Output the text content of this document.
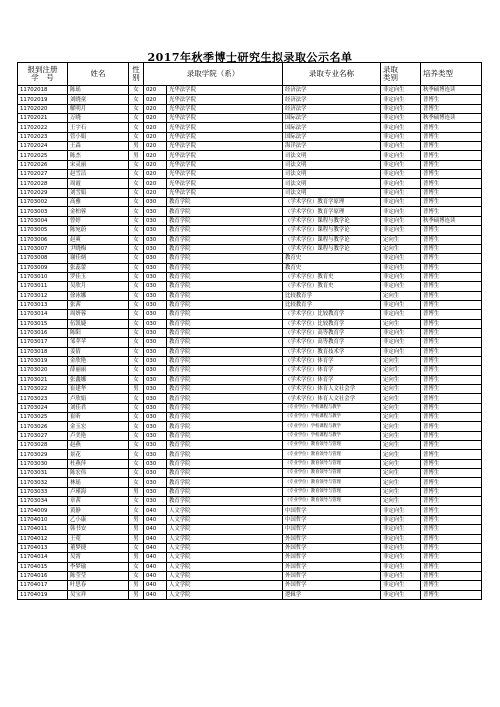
2017年秋季博士研究生拟录取公示名单
报到注册
学　号	姓名	性
别	录取学院（系）		录取专业名称	录取
类别	培养类型
11702018	陈瑶	女	020	光华法学院	经济法学	非定向生	秋季硕博连读
11702019	刘晓童	女	020	光华法学院	经济法学	非定向生	普博生
11702020	解明月	女	020	光华法学院	经济法学	非定向生	普博生
11702021	万晓	女	020	光华法学院	国际法学	非定向生	秋季硕博连读
11702022	王宇石	女	020	光华法学院	国际法学	非定向生	普博生
11702023	管小娟	女	020	光华法学院	国际法学	非定向生	普博生
11702024	王森	男	020	光华法学院	海洋法学	非定向生	普博生
11702025	陈杰	男	020	光华法学院	司法文明	非定向生	普博生
11702026	宋灵丽	女	020	光华法学院	司法文明	非定向生	普博生
11702027	赵雪洁	女	020	光华法学院	司法文明	非定向生	普博生
11702028	周霞	女	020	光华法学院	司法文明	非定向生	普博生
11702029	刘雪娟	女	020	光华法学院	司法文明	非定向生	普博生
11703002	高雅	女	030	教育学院	（学术学位）教育学原理	非定向生	普博生
11703003	金柏蓉	女	030	教育学院	（学术学位）教育学原理	非定向生	普博生
11703004	曾婷	女	030	教育学院	（学术学位）课程与教学论	非定向生	秋季硕博连读
11703005	陈宛蔚	女	030	教育学院	（学术学位）课程与教学论	非定向生	普博生
11703006	赵爽	女	030	教育学院	（学术学位）课程与教学论	定向生	普博生
11703007	尹晓梅	女	030	教育学院	（学术学位）课程与教学论	定向生	普博生
11703008	谢佳炳	女	030	教育学院	教育史	非定向生	普博生
11703009	张蕊蕾	女	030	教育学院	教育史	非定向生	普博生
11703010	罗佳玉	女	030	教育学院	（学术学位）教育史	非定向生	普博生
11703011	吴欣月	女	030	教育学院	（学术学位）教育史	非定向生	普博生
11703012	徐冰娜	女	030	教育学院	比较教育学	定向生	普博生
11703013	张茜	女	030	教育学院	比较教育学	非定向生	普博生
11703014	周妍蓉	女	030	教育学院	（学术学位）比较教育学	非定向生	普博生
11703015	伍凯婕	女	030	教育学院	（学术学位）比较教育学	定向生	普博生
11703016	陈阳	女	030	教育学院	（学术学位）高等教育学	非定向生	普博生
11703017	邹苹苹	女	030	教育学院	（学术学位）高等教育学	非定向生	普博生
11703018	姜倩	女	030	教育学院	（学术学位）教育技术学	非定向生	普博生
11703019	金欣艳	女	030	教育学院	（学术学位）体育学	定向生	普博生
11703020	薛丽丽	女	030	教育学院	（学术学位）体育学	定向生	普博生
11703021	张鑫娜	女	030	教育学院	（学术学位）体育学	定向生	普博生
11703022	崔建华	男	030	教育学院	（学术学位）体育人文社会学	定向生	普博生
11703023	卢欣娟	女	030	教育学院	（学术学位）体育人文社会学	定向生	普博生
11703024	刘佳君	女	030	教育学院	（专业学位）学校课程与教学	定向生	普博生
11703025	崔昕	女	030	教育学院	（专业学位）学校课程与教学	定向生	普博生
11703026	金玉宏	女	030	教育学院	（专业学位）学校课程与教学	定向生	普博生
11703027	卢美艳	女	030	教育学院	（专业学位）学校课程与教学	定向生	普博生
11703028	赵燕	女	030	教育学院	（专业学位）教育领导与管理	定向生	普博生
11703029	景花	女	030	教育学院	（专业学位）教育领导与管理	定向生	普博生
11703030	杜燕萍	女	030	教育学院	（专业学位）教育领导与管理	定向生	普博生
11703031	陈宏伟	女	030	教育学院	（专业学位）教育领导与管理	定向生	普博生
11703032	林瑶	女	030	教育学院	（专业学位）教育领导与管理	定向生	普博生
11703033	卢瑾海	男	030	教育学院	（专业学位）教育领导与管理	定向生	普博生
11703034	章茜	女	030	教育学院	（专业学位）教育领导与管理	定向生	普博生
11704009	黄静	女	040	人文学院	中国哲学	非定向生	普博生
11704010	乙小康	男	040	人文学院	中国哲学	非定向生	普博生
11704011	韩书安	男	040	人文学院	中国哲学	非定向生	普博生
11704012	王菀	男	040	人文学院	外国哲学	非定向生	普博生
11704013	董梦捷	女	040	人文学院	外国哲学	非定向生	普博生
11704014	吴霄	男	040	人文学院	外国哲学	非定向生	普博生
11704015	李梦瑜	女	040	人文学院	外国哲学	非定向生	普博生
11704016	陈莹莹	女	040	人文学院	外国哲学	非定向生	普博生
11704017	叶思春	男	040	人文学院	外国哲学	非定向生	普博生
11704019	吴宝祥	男	040	人文学院	逻辑学	非定向生	普博生
